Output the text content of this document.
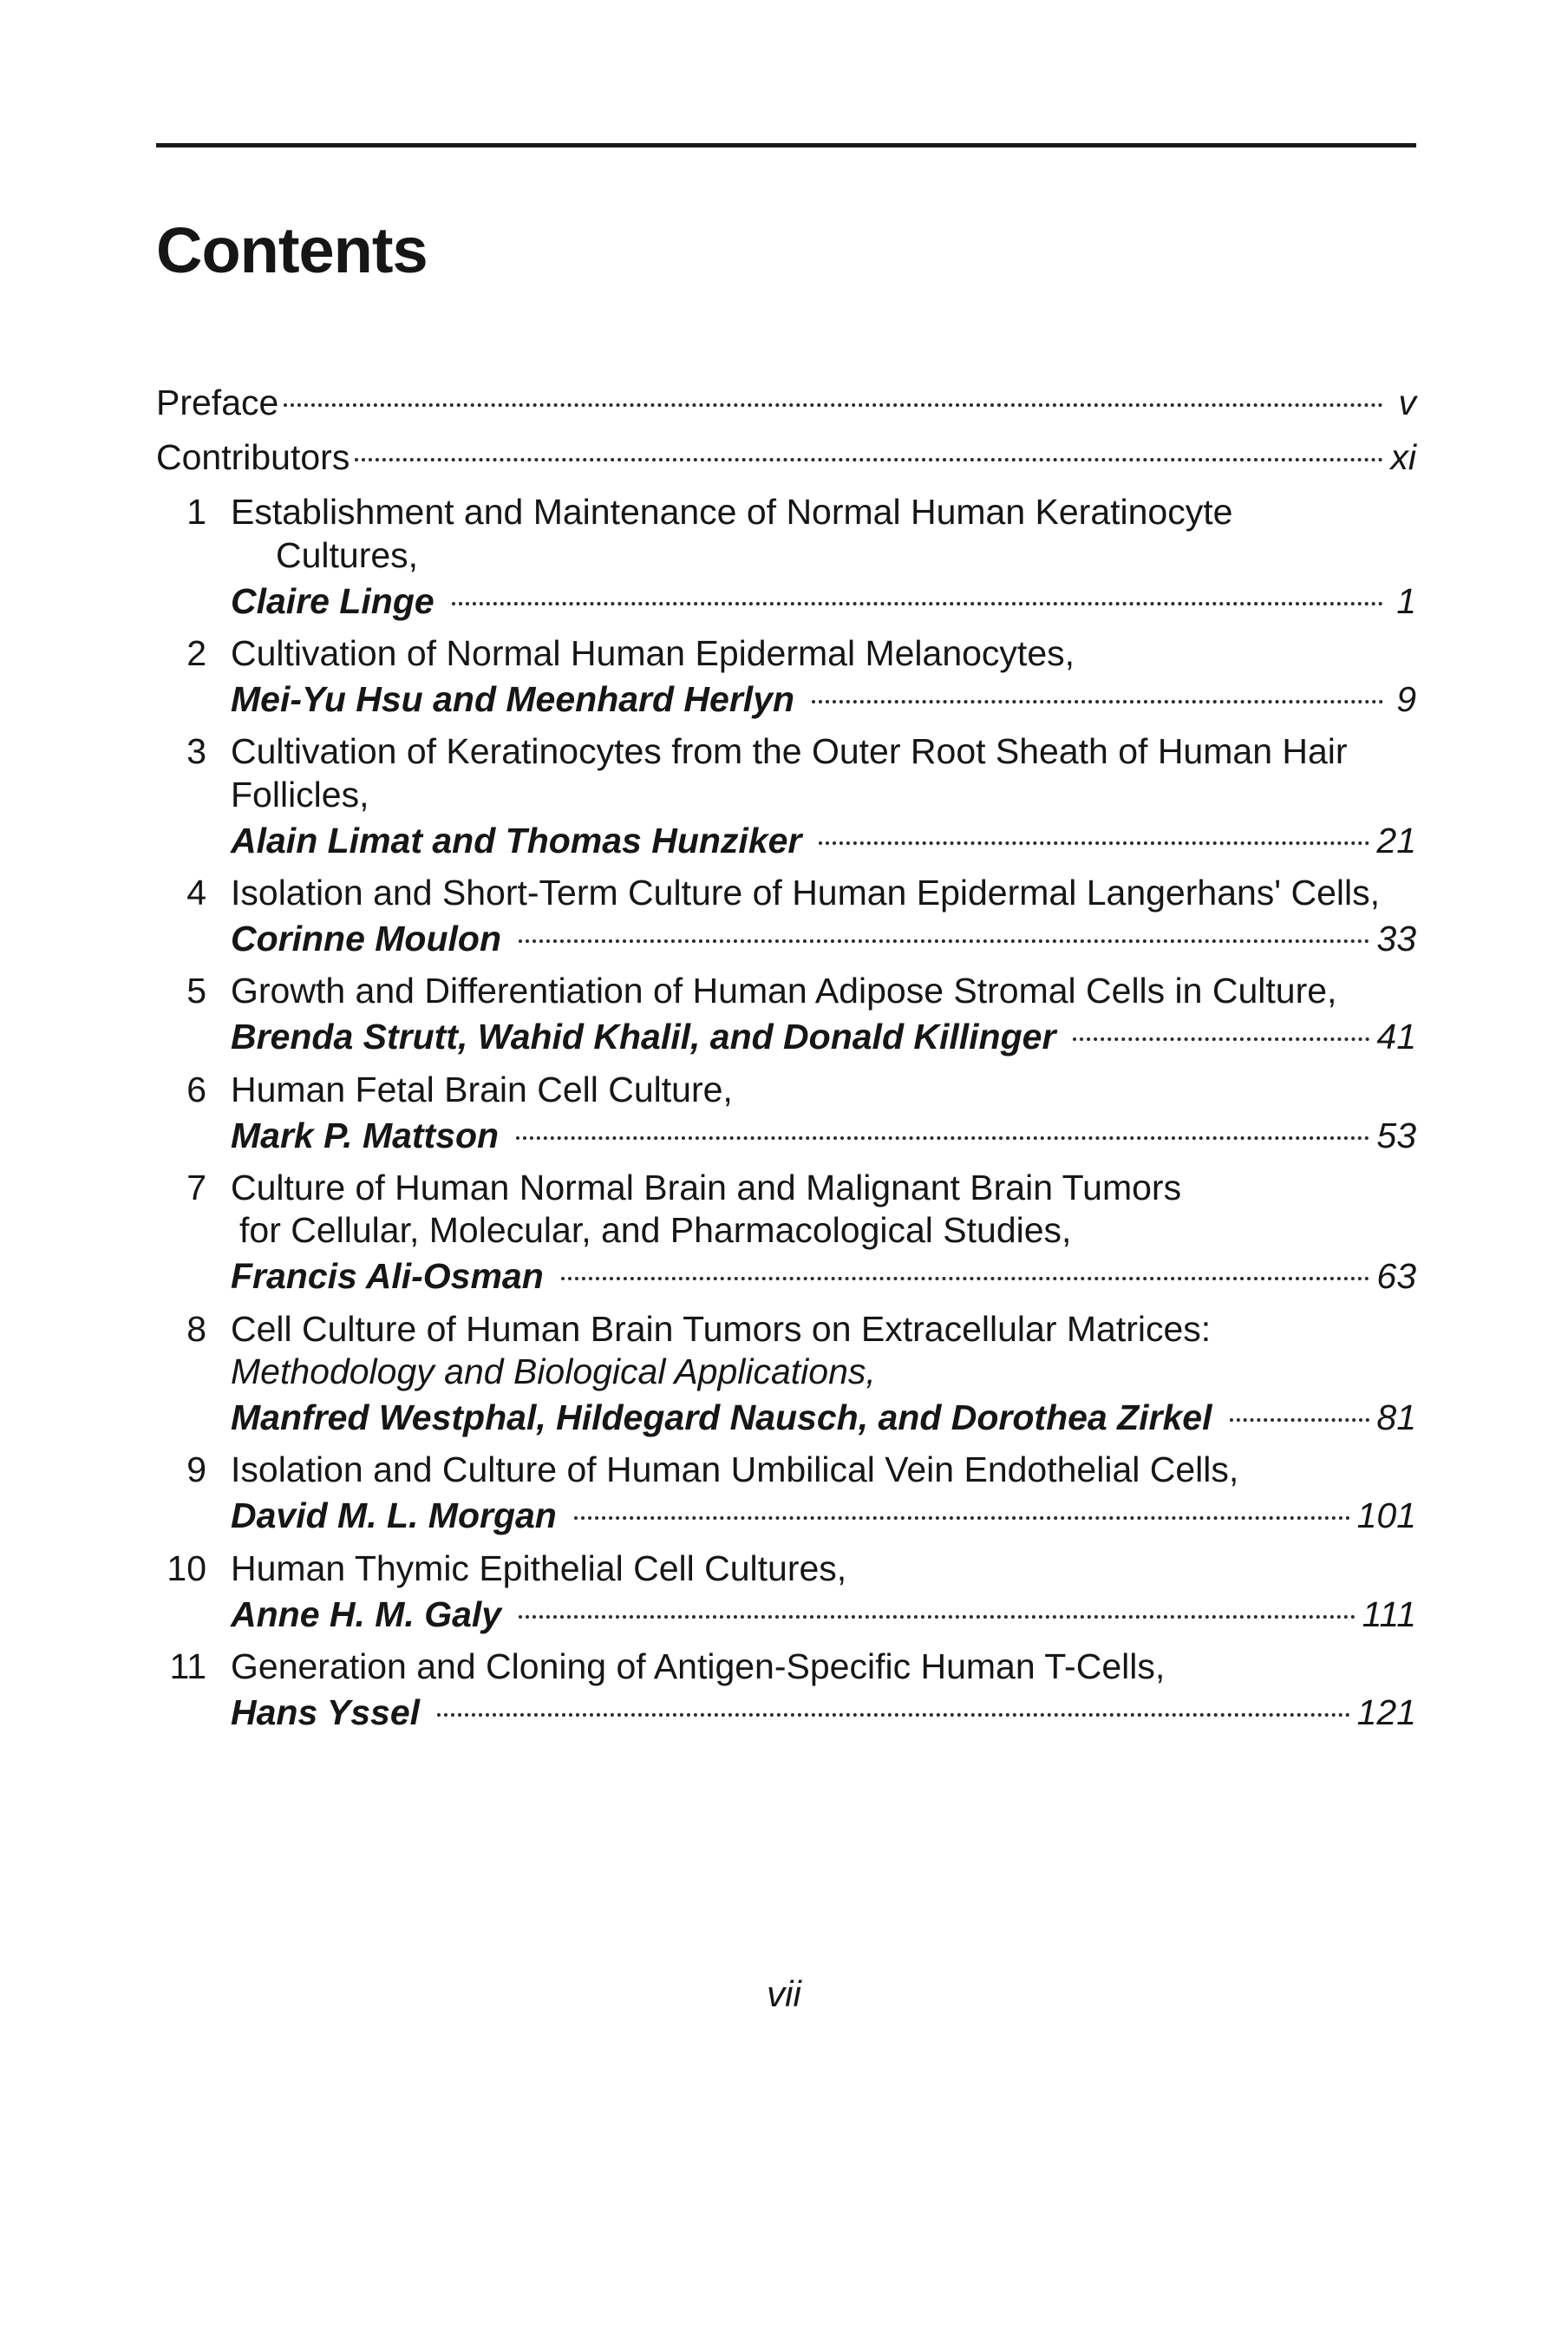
Contents
Preface	v
Contributors	xi
1 Establishment and Maintenance of Normal Human Keratinocyte
Cultures,
Claire Linge	1
2 Cultivation of Normal Human Epidermal Melanocytes,
Mei-Yu Hsu and Meenhard Herlyn	9
3 Cultivation of Keratinocytes from the Outer Root Sheath of Human Hair Follicles,
Alain Limat and Thomas Hunziker	21
4 Isolation and Short-Term Culture of Human Epidermal Langerhans' Cells,
Corinne Moulon	33
5 Growth and Differentiation of Human Adipose Stromal Cells in Culture,
Brenda Strutt, Wahid Khalil, and Donald Killinger	41
6 Human Fetal Brain Cell Culture,
Mark P. Mattson	53
7 Culture of Human Normal Brain and Malignant Brain Tumors
for Cellular, Molecular, and Pharmacological Studies,
Francis Ali-Osman	63
8 Cell Culture of Human Brain Tumors on Extracellular Matrices:
Methodology and Biological Applications,
Manfred Westphal, Hildegard Nausch, and Dorothea Zirkel	81
9 Isolation and Culture of Human Umbilical Vein Endothelial Cells,
David M. L. Morgan	101
10 Human Thymic Epithelial Cell Cultures,
Anne H. M. Galy	111
11 Generation and Cloning of Antigen-Specific Human T-Cells,
Hans Yssel	121
vii
